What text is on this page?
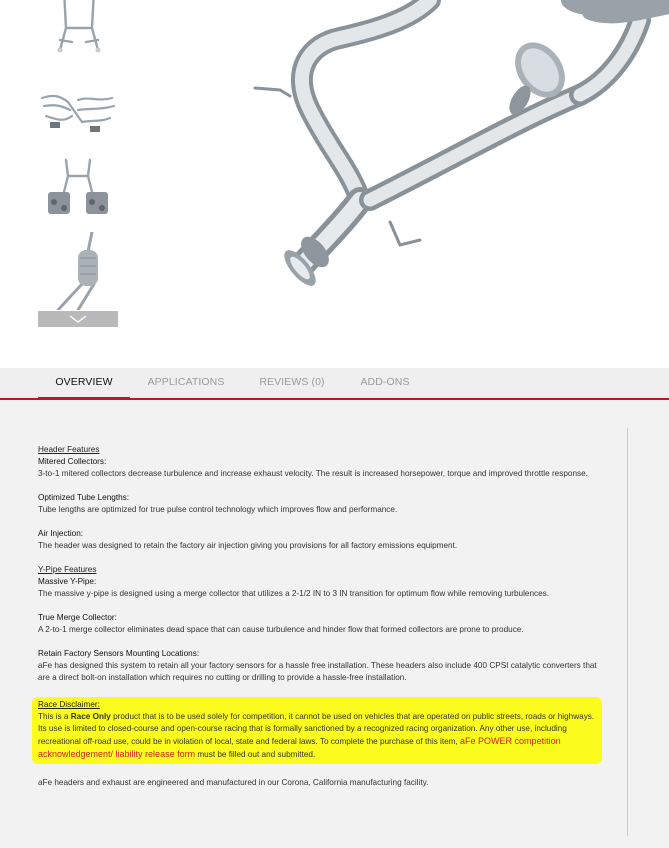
OVERVIEW	APPLICATIONS	REVIEWS (0)	ADD-ONS
Header Features
Mitered Collectors:
3-to-1 mitered collectors decrease turbulence and increase exhaust velocity. The result is increased horsepower, torque and improved throttle response.
Optimized Tube Lengths:
Tube lengths are optimized for true pulse control technology which improves flow and performance.
Air Injection:
The header was designed to retain the factory air injection giving you provisions for all factory emissions equipment.
Y-Pipe Features
Massive Y-Pipe:
The massive y-pipe is designed using a merge collector that utilizes a 2-1/2 IN to 3 IN transition for optimum flow while removing turbulences.
True Merge Collector:
A 2-to-1 merge collector eliminates dead space that can cause turbulence and hinder flow that formed collectors are prone to produce.
Retain Factory Sensors Mounting Locations:
aFe has designed this system to retain all your factory sensors for a hassle free installation. These headers also include 400 CPSI catalytic converters that are a direct bolt-on installation which requires no cutting or drilling to provide a hassle-free installation.
Race Disclaimer:
This is a Race Only product that is to be used solely for competition, it cannot be used on vehicles that are operated on public streets, roads or highways. Its use is limited to closed-course and open-course racing that is formally sanctioned by a recognized racing organization. Any other use, including recreational off-road use, could be in violation of local, state and federal laws. To complete the purchase of this item, aFe POWER competition acknowledgement/ liability release form must be filled out and submitted.
aFe headers and exhaust are engineered and manufactured in our Corona, California manufacturing facility.
